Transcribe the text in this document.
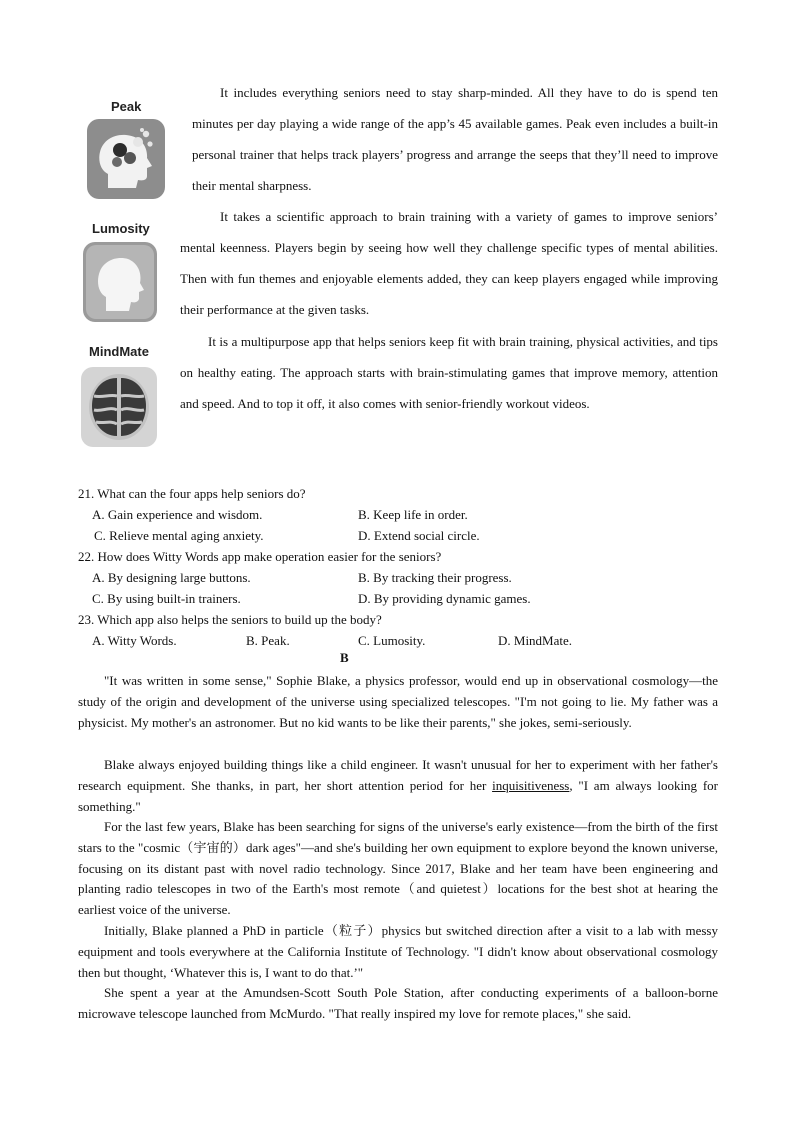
Peak
Lumosity
MindMate

It includes everything seniors need to stay sharp-minded. All they have to do is spend ten minutes per day playing a wide range of the app’s 45 available games. Peak even includes a built-in personal trainer that helps track players’ progress and arrange the seeps that they’ll need to improve their mental sharpness.

It takes a scientific approach to brain training with a variety of games to improve seniors’ mental keenness. Players begin by seeing how well they challenge specific types of mental abilities. Then with fun themes and enjoyable elements added, they can keep players engaged while improving their performance at the given tasks.

It is a multipurpose app that helps seniors keep fit with brain training, physical activities, and tips on healthy eating. The approach starts with brain-stimulating games that improve memory, attention and speed. And to top it off, it also comes with senior-friendly workout videos.

21. What can the four apps help seniors do?
A. Gain experience and wisdom.	B. Keep life in order.
C. Relieve mental aging anxiety.	D. Extend social circle.
22. How does Witty Words app make operation easier for the seniors?
A. By designing large buttons.	B. By tracking their progress.
C. By using built-in trainers.	D. By providing dynamic games.
23. Which app also helps the seniors to build up the body?
A. Witty Words.	B. Peak.	C. Lumosity.	D. MindMate.
B

"It was written in some sense," Sophie Blake, a physics professor, would end up in observational cosmology—the study of the origin and development of the universe using specialized telescopes. "I'm not going to lie. My father was a physicist. My mother's an astronomer. But no kid wants to be like their parents," she jokes, semi-seriously.

Blake always enjoyed building things like a child engineer. It wasn't unusual for her to experiment with her father's research equipment. She thanks, in part, her short attention period for her inquisitiveness, "I am always looking for something."

For the last few years, Blake has been searching for signs of the universe's early existence—from the birth of the first stars to the "cosmic（宇宙的）dark ages"—and she's building her own equipment to explore beyond the known universe, focusing on its distant past with novel radio technology. Since 2017, Blake and her team have been engineering and planting radio telescopes in two of the Earth's most remote（and quietest）locations for the best shot at hearing the earliest voice of the universe.

Initially, Blake planned a PhD in particle（粒子）physics but switched direction after a visit to a lab with messy equipment and tools everywhere at the California Institute of Technology. "I didn't know about observational cosmology then but thought, ‘Whatever this is, I want to do that.’"

She spent a year at the Amundsen-Scott South Pole Station, after conducting experiments of a balloon-borne microwave telescope launched from McMurdo. "That really inspired my love for remote places," she said.
